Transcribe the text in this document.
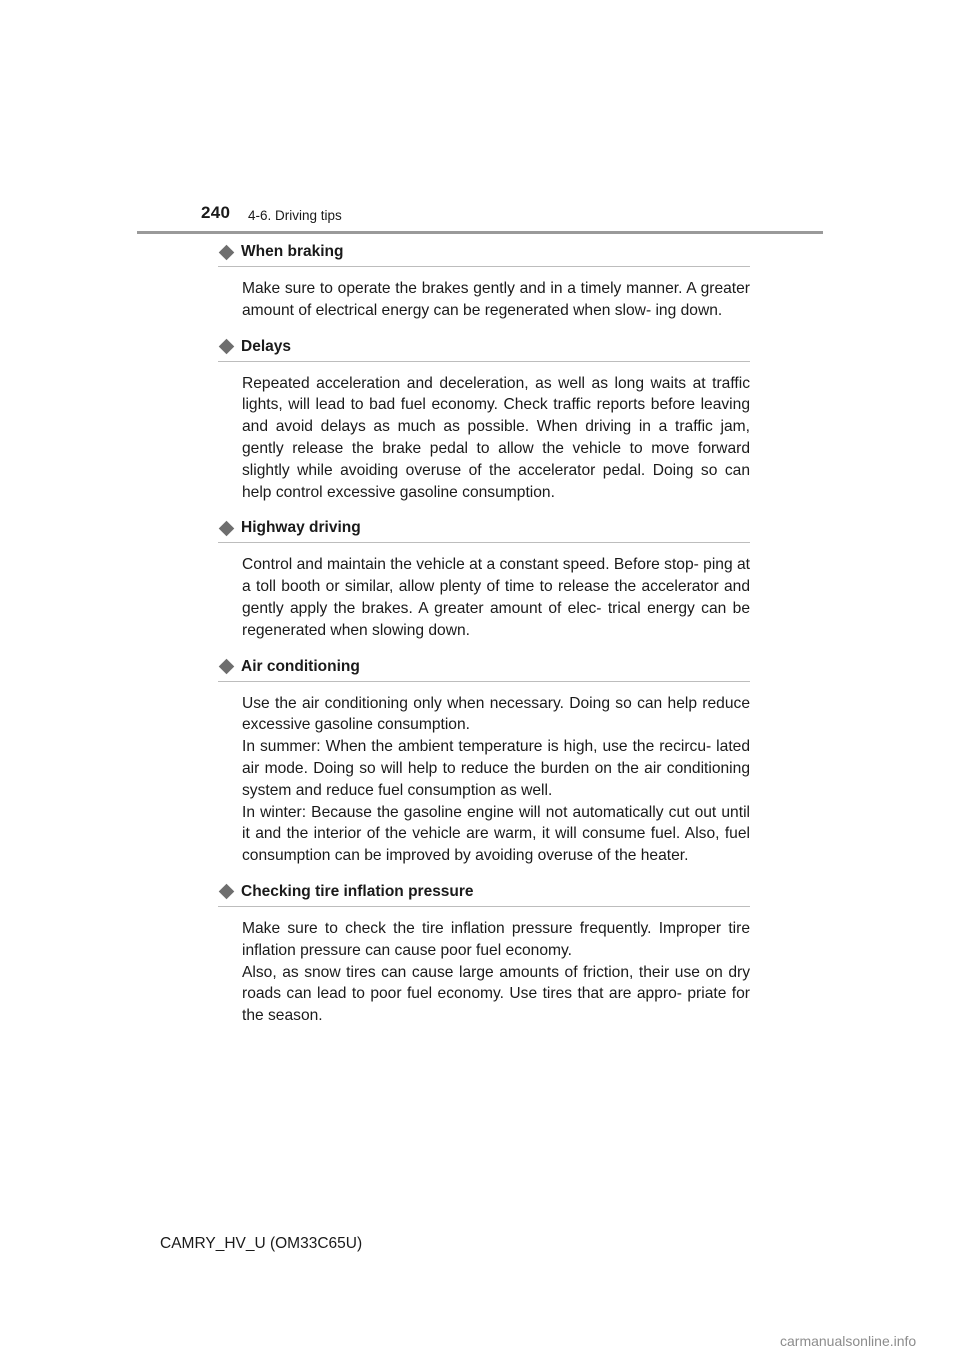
240 4-6. Driving tips
When braking

Make sure to operate the brakes gently and in a timely manner. A greater amount of electrical energy can be regenerated when slow- ing down.

Delays

Repeated acceleration and deceleration, as well as long waits at traffic lights, will lead to bad fuel economy. Check traffic reports before leaving and avoid delays as much as possible. When driving in a traffic jam, gently release the brake pedal to allow the vehicle to move forward slightly while avoiding overuse of the accelerator pedal. Doing so can help control excessive gasoline consumption.

Highway driving

Control and maintain the vehicle at a constant speed. Before stop- ping at a toll booth or similar, allow plenty of time to release the accelerator and gently apply the brakes. A greater amount of elec- trical energy can be regenerated when slowing down.

Air conditioning

Use the air conditioning only when necessary. Doing so can help reduce excessive gasoline consumption.

In summer: When the ambient temperature is high, use the recircu- lated air mode. Doing so will help to reduce the burden on the air conditioning system and reduce fuel consumption as well.

In winter: Because the gasoline engine will not automatically cut out until it and the interior of the vehicle are warm, it will consume fuel. Also, fuel consumption can be improved by avoiding overuse of the heater.

Checking tire inflation pressure

Make sure to check the tire inflation pressure frequently. Improper tire inflation pressure can cause poor fuel economy.

Also, as snow tires can cause large amounts of friction, their use on dry roads can lead to poor fuel economy. Use tires that are appro- priate for the season.

CAMRY_HV_U (OM33C65U)
carmanualsonline.info
